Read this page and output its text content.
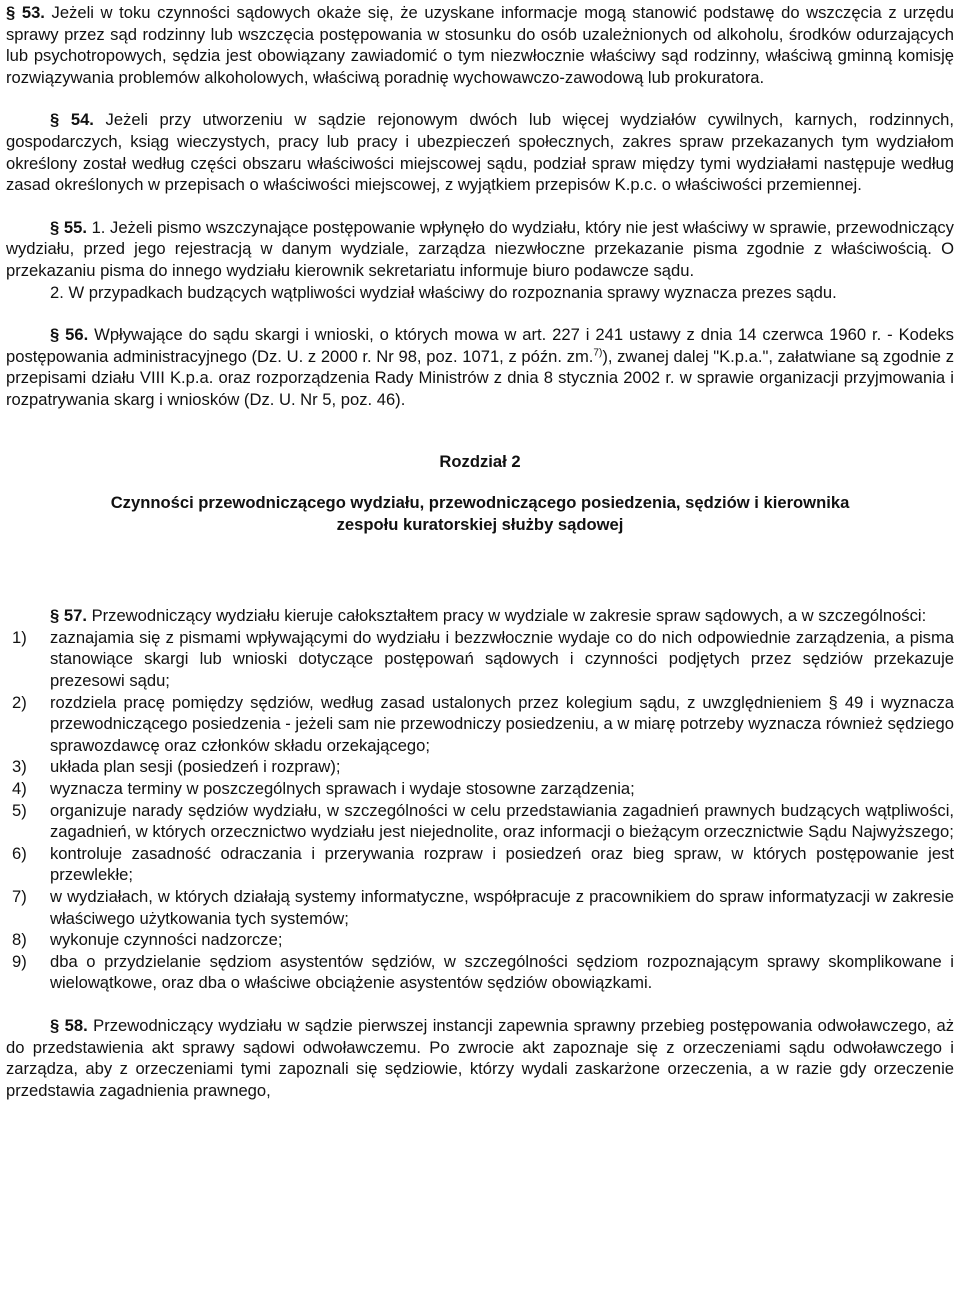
§ 53. Jeżeli w toku czynności sądowych okaże się, że uzyskane informacje mogą stanowić podstawę do wszczęcia z urzędu sprawy przez sąd rodzinny lub wszczęcia postępowania w stosunku do osób uzależnionych od alkoholu, środków odurzających lub psychotropowych, sędzia jest obowiązany zawiadomić o tym niezwłocznie właściwy sąd rodzinny, właściwą gminną komisję rozwiązywania problemów alkoholowych, właściwą poradnię wychowawczo-zawodową lub prokuratora.

§ 54. Jeżeli przy utworzeniu w sądzie rejonowym dwóch lub więcej wydziałów cywilnych, karnych, rodzinnych, gospodarczych, ksiąg wieczystych, pracy lub pracy i ubezpieczeń społecznych, zakres spraw przekazanych tym wydziałom określony został według części obszaru właściwości miejscowej sądu, podział spraw między tymi wydziałami następuje według zasad określonych w przepisach o właściwości miejscowej, z wyjątkiem przepisów K.p.c. o właściwości przemiennej.

§ 55. 1. Jeżeli pismo wszczynające postępowanie wpłynęło do wydziału, który nie jest właściwy w sprawie, przewodniczący wydziału, przed jego rejestracją w danym wydziale, zarządza niezwłoczne przekazanie pisma zgodnie z właściwością. O przekazaniu pisma do innego wydziału kierownik sekretariatu informuje biuro podawcze sądu.

2. W przypadkach budzących wątpliwości wydział właściwy do rozpoznania sprawy wyznacza prezes sądu.

§ 56. Wpływające do sądu skargi i wnioski, o których mowa w art. 227 i 241 ustawy z dnia 14 czerwca 1960 r. - Kodeks postępowania administracyjnego (Dz. U. z 2000 r. Nr 98, poz. 1071, z późn. zm.$^{7)}$), zwanej dalej "K.p.a.", załatwiane są zgodnie z przepisami działu VIII K.p.a. oraz rozporządzenia Rady Ministrów z dnia 8 stycznia 2002 r. w sprawie organizacji przyjmowania i rozpatrywania skarg i wniosków (Dz. U. Nr 5, poz. 46).

Rozdział 2
Czynności przewodniczącego wydziału, przewodniczącego posiedzenia, sędziów i kierownika
zespołu kuratorskiej służby sądowej

§ 57. Przewodniczący wydziału kieruje całokształtem pracy w wydziale w zakresie spraw sądowych, a w szczególności:

1) zaznajamia się z pismami wpływającymi do wydziału i bezzwłocznie wydaje co do nich odpowiednie zarządzenia, a pisma stanowiące skargi lub wnioski dotyczące postępowań sądowych i czynności podjętych przez sędziów przekazuje prezesowi sądu;
2) rozdziela pracę pomiędzy sędziów, według zasad ustalonych przez kolegium sądu, z uwzględnieniem § 49 i wyznacza przewodniczącego posiedzenia - jeżeli sam nie przewodniczy posiedzeniu, a w miarę potrzeby wyznacza również sędziego sprawozdawcę oraz członków składu orzekającego;
3) układa plan sesji (posiedzeń i rozpraw);
4) wyznacza terminy w poszczególnych sprawach i wydaje stosowne zarządzenia;
5) organizuje narady sędziów wydziału, w szczególności w celu przedstawiania zagadnień prawnych budzących wątpliwości, zagadnień, w których orzecznictwo wydziału jest niejednolite, oraz informacji o bieżącym orzecznictwie Sądu Najwyższego;
6) kontroluje zasadność odraczania i przerywania rozpraw i posiedzeń oraz bieg spraw, w których postępowanie jest przewlekłe;
7) w wydziałach, w których działają systemy informatyczne, współpracuje z pracownikiem do spraw informatyzacji w zakresie właściwego użytkowania tych systemów;
8) wykonuje czynności nadzorcze;
9) dba o przydzielanie sędziom asystentów sędziów, w szczególności sędziom rozpoznającym sprawy skomplikowane i wielowątkowe, oraz dba o właściwe obciążenie asystentów sędziów obowiązkami.

§ 58. Przewodniczący wydziału w sądzie pierwszej instancji zapewnia sprawny przebieg postępowania odwoławczego, aż do przedstawienia akt sprawy sądowi odwoławczemu. Po zwrocie akt zapoznaje się z orzeczeniami sądu odwoławczego i zarządza, aby z orzeczeniami tymi zapoznali się sędziowie, którzy wydali zaskarżone orzeczenia, a w razie gdy orzeczenie przedstawia zagadnienia prawnego,
